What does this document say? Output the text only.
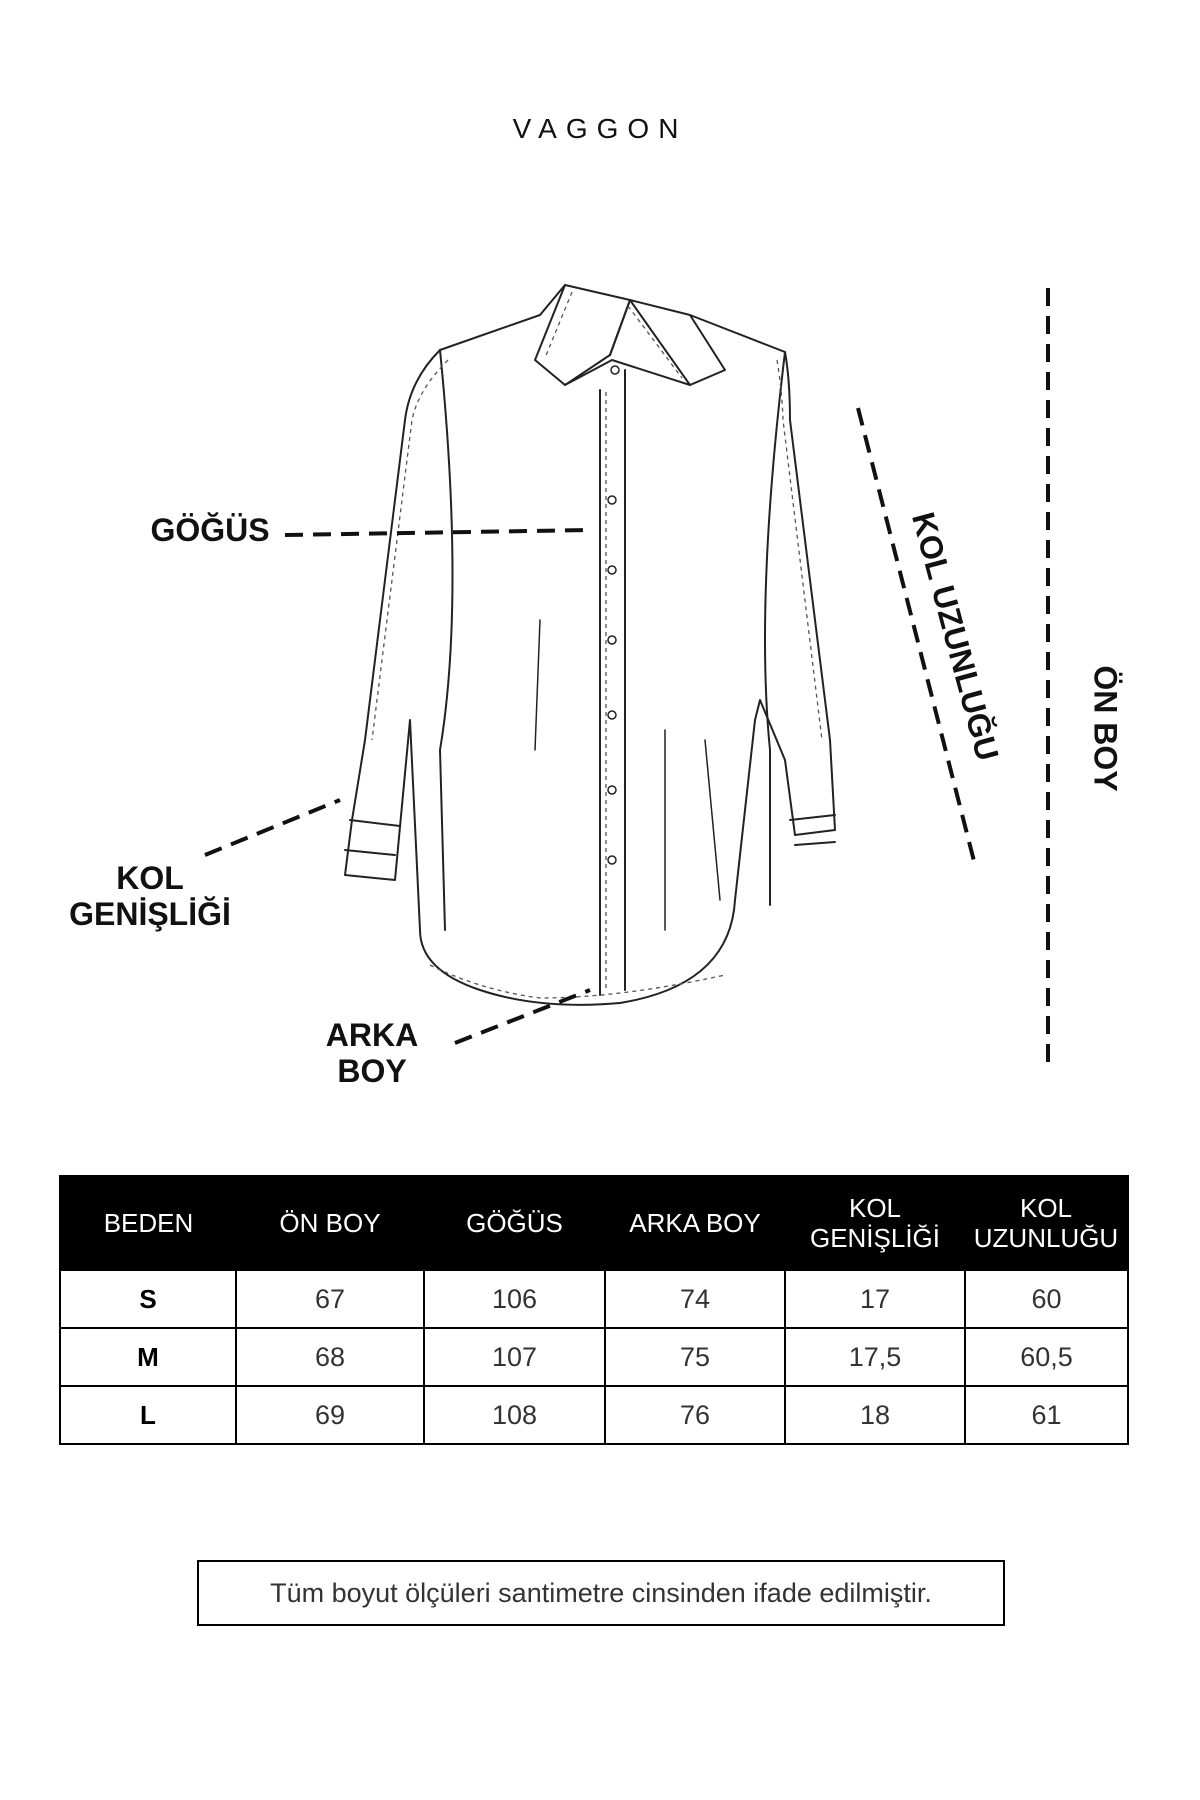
VAGGON
GÖĞÜS
KOL
GENİŞLİĞİ
ARKA
BOY
KOL UZUNLUĞU	ÖN BOY
BEDEN	ÖN BOY	GÖĞÜS	ARKA BOY	KOL GENİŞLİĞİ	KOL UZUNLUĞU
S	67	106	74	17	60
M	68	107	75	17,5	60,5
L	69	108	76	18	61
Tüm boyut ölçüleri santimetre cinsinden ifade edilmiştir.
